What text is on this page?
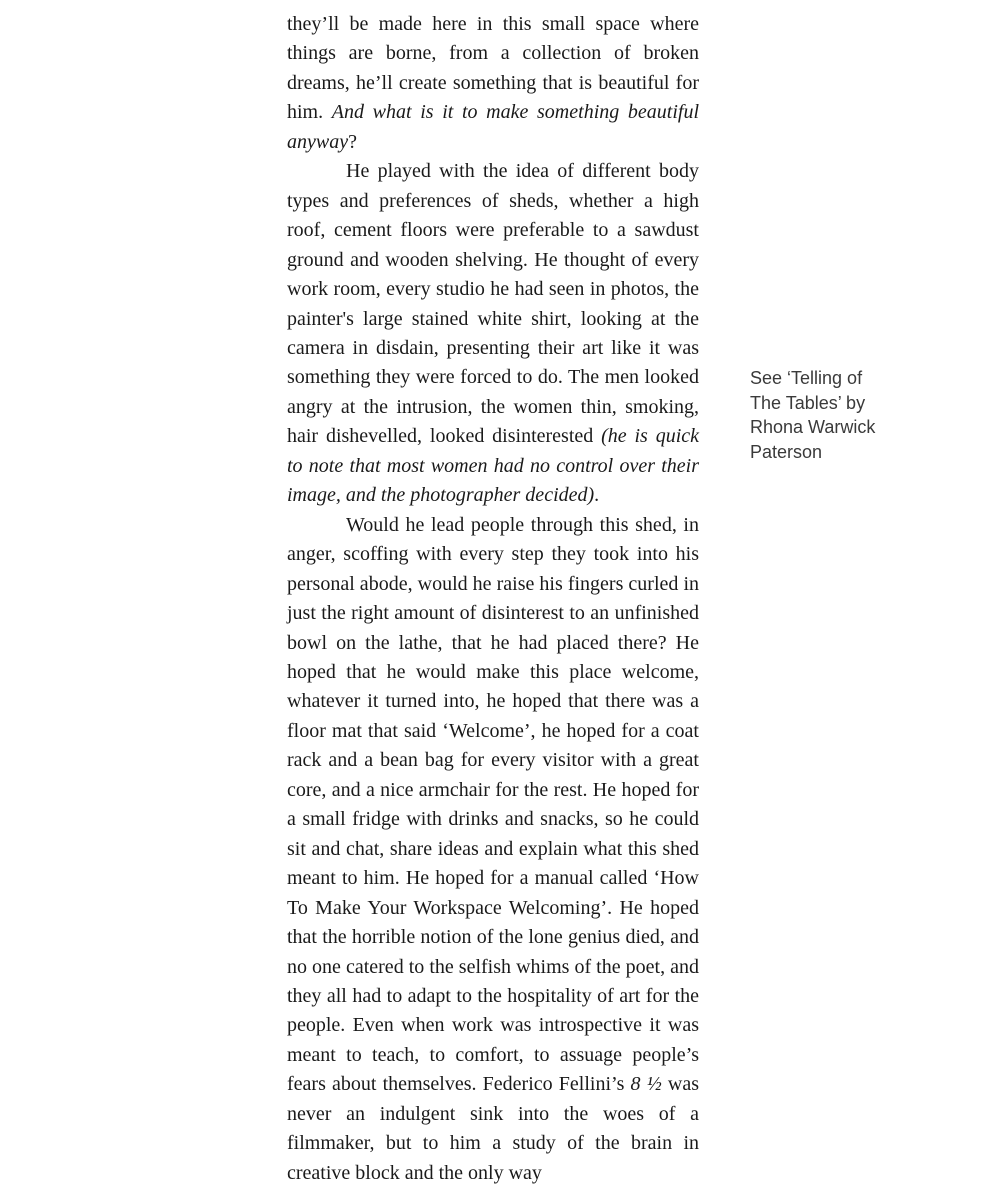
they’ll be made here in this small space where things are borne, from a collection of broken dreams, he’ll create something that is beautiful for him. And what is it to make something beautiful anyway?

He played with the idea of different body types and preferences of sheds, whether a high roof, cement floors were preferable to a sawdust ground and wooden shelving. He thought of every work room, every studio he had seen in photos, the painter's large stained white shirt, looking at the camera in disdain, presenting their art like it was something they were forced to do. The men looked angry at the intrusion, the women thin, smoking, hair dishevelled, looked disinterested (he is quick to note that most women had no control over their image, and the photographer decided).

Would he lead people through this shed, in anger, scoffing with every step they took into his personal abode, would he raise his fingers curled in just the right amount of disinterest to an unfinished bowl on the lathe, that he had placed there? He hoped that he would make this place welcome, whatever it turned into, he hoped that there was a floor mat that said ‘Welcome’, he hoped for a coat rack and a bean bag for every visitor with a great core, and a nice armchair for the rest. He hoped for a small fridge with drinks and snacks, so he could sit and chat, share ideas and explain what this shed meant to him. He hoped for a manual called ‘How To Make Your Workspace Welcoming’. He hoped that the horrible notion of the lone genius died, and no one catered to the selfish whims of the poet, and they all had to adapt to the hospitality of art for the people. Even when work was introspective it was meant to teach, to comfort, to assuage people’s fears about themselves. Federico Fellini’s 8 ½ was never an indulgent sink into the woes of a filmmaker, but to him a study of the brain in creative block and the only way

See ‘Telling of
The Tables’ by
Rhona Warwick
Paterson
